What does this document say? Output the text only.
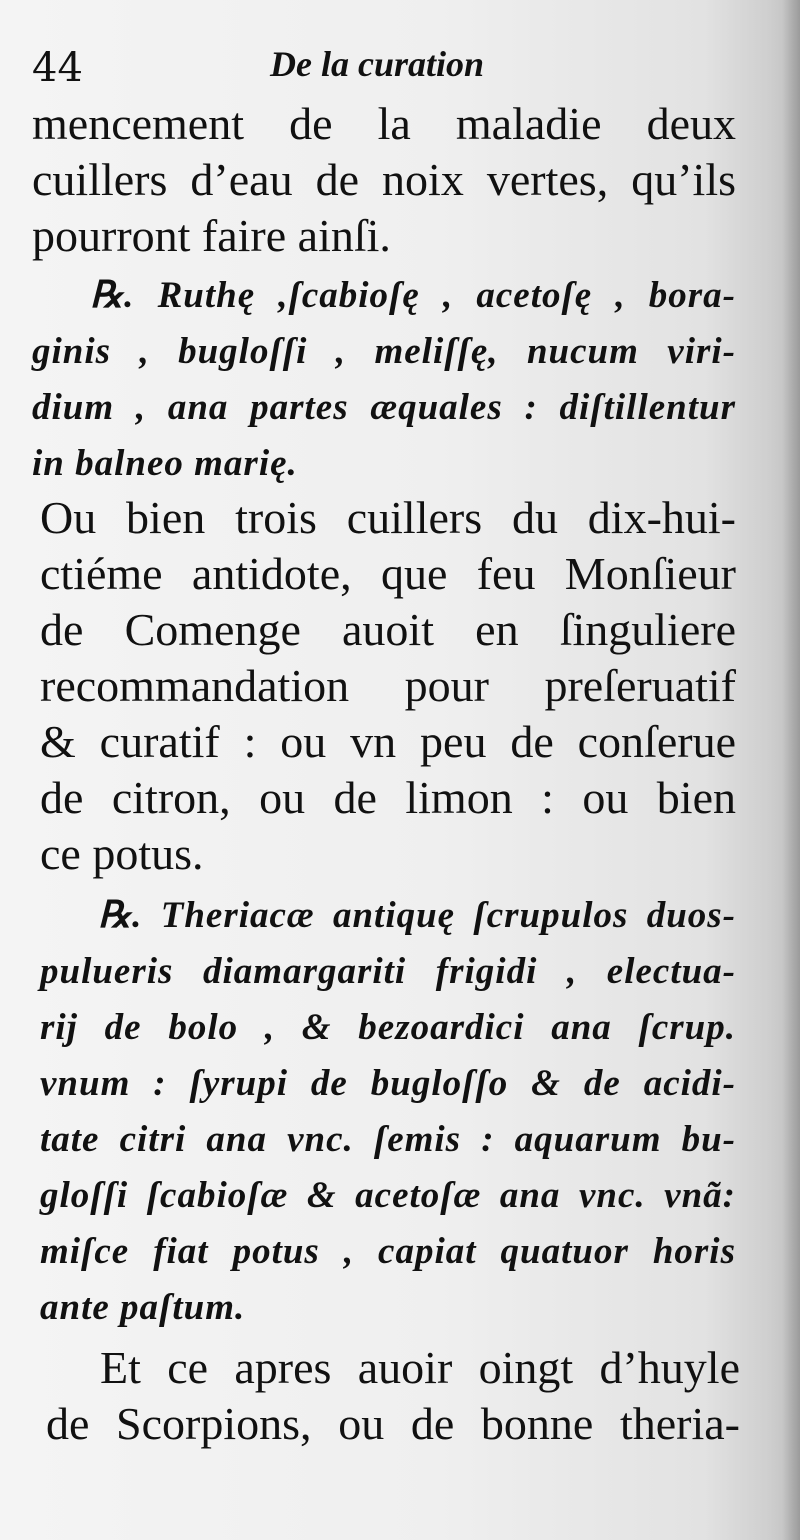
44	De la curation
mencement de la maladie deux
cuillers d’eau de noix vertes, qu’ils
pourront faire ainſi.
℞. Ruthę ,ſcabioſę , acetoſę , bora-
ginis , bugloſſi , meliſſę, nucum viri-
dium , ana partes æquales : diſtillentur
in balneo marię.
Ou bien trois cuillers du dix-hui-
ctiéme antidote, que feu Monſieur
de Comenge auoit en ſinguliere
recommandation pour preſeruatif
& curatif : ou vn peu de conſerue
de citron, ou de limon : ou bien
ce potus.
℞. Theriacæ antiquę ſcrupulos duos-
pulueris diamargariti frigidi , electua-
rij de bolo , & bezoardici ana ſcrup.
vnum : ſyrupi de bugloſſo & de acidi-
tate citri ana vnc. ſemis : aquarum bu-
gloſſi ſcabioſæ & acetoſæ ana vnc. vnã:
miſce fiat potus , capiat quatuor horis
ante paſtum.
Et ce apres auoir oingt d’huyle
de Scorpions, ou de bonne theria-
